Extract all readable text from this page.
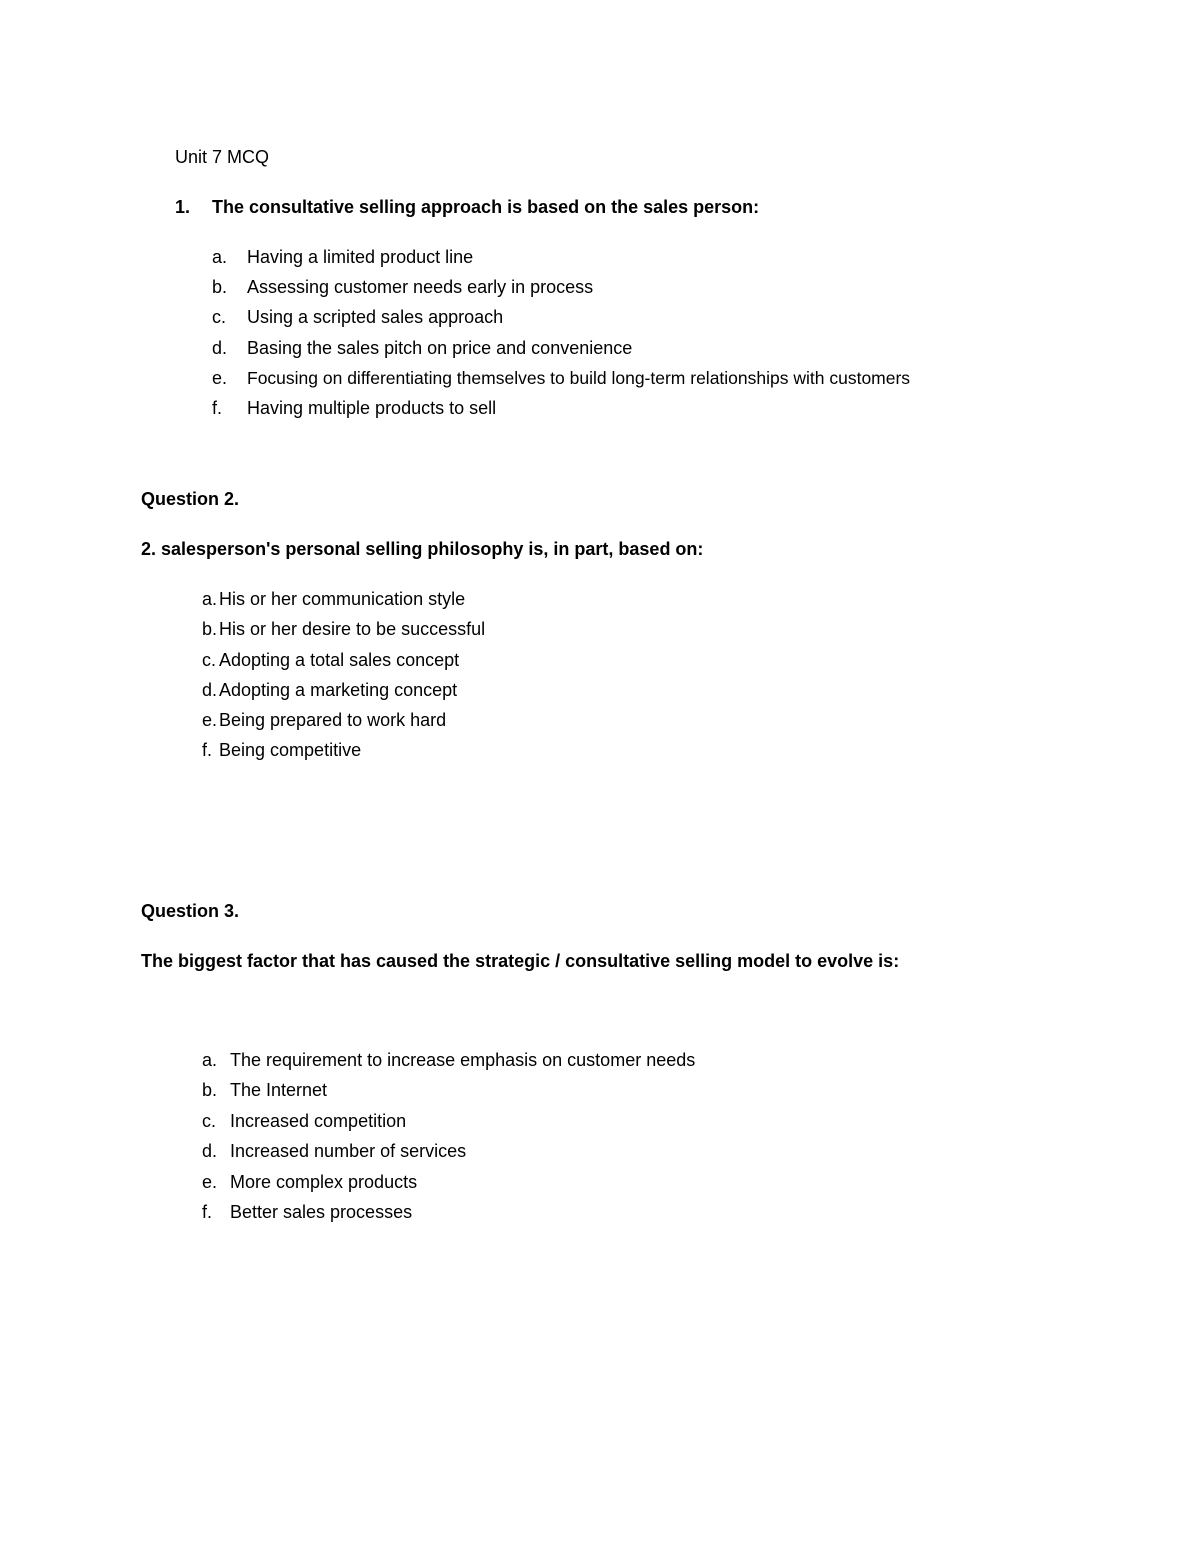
Unit 7 MCQ
1. The consultative selling approach is based on the sales person:
a. Having a limited product line
b. Assessing customer needs early in process
c. Using a scripted sales approach
d. Basing the sales pitch on price and convenience
e. Focusing on differentiating themselves to build long-term relationships with customers
f. Having multiple products to sell
Question 2.
2. salesperson's personal selling philosophy is, in part, based on:
a. His or her communication style
b. His or her desire to be successful
c. Adopting a total sales concept
d. Adopting a marketing concept
e. Being prepared to work hard
f. Being competitive
Question 3.
The biggest factor that has caused the strategic / consultative selling model to evolve is:
a. The requirement to increase emphasis on customer needs
b. The Internet
c. Increased competition
d. Increased number of services
e. More complex products
f. Better sales processes
